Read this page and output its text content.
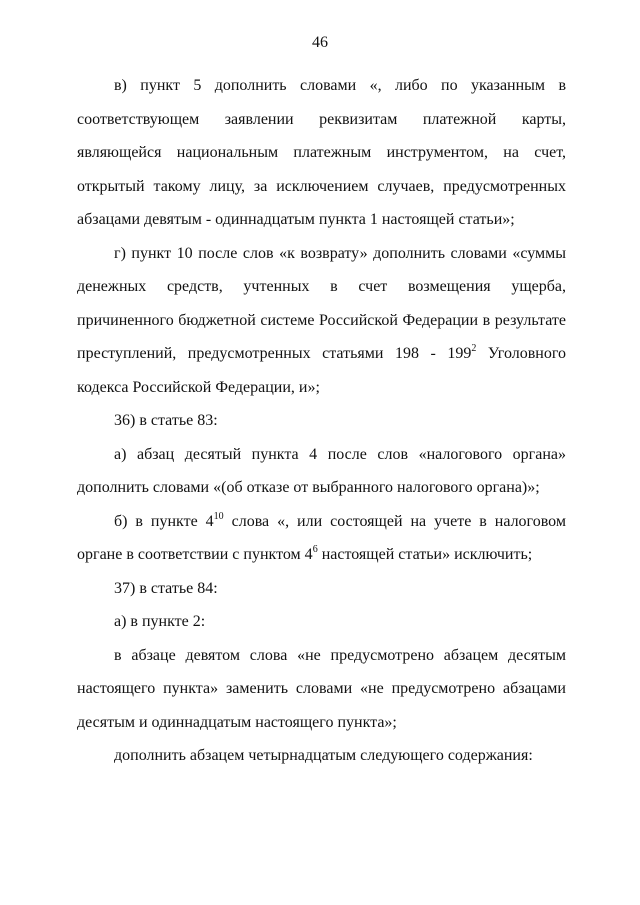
46

в) пункт 5 дополнить словами «, либо по указанным в соответствующем заявлении реквизитам платежной карты, являющейся национальным платежным инструментом, на счет, открытый такому лицу, за исключением случаев, предусмотренных абзацами девятым - одиннадцатым пункта 1 настоящей статьи»;

г) пункт 10 после слов «к возврату» дополнить словами «суммы денежных средств, учтенных в счет возмещения ущерба, причиненного бюджетной системе Российской Федерации в результате преступлений, предусмотренных статьями $198 - 199^2$ Уголовного кодекса Российской Федерации, и»;

36) в статье 83:

а) абзац десятый пункта 4 после слов «налогового органа» дополнить словами «(об отказе от выбранного налогового органа)»;

б) в пункте $4^{10}$ слова «, или состоящей на учете в налоговом органе в соответствии с пунктом $4^6$ настоящей статьи» исключить;

37) в статье 84:

а) в пункте 2:

в абзаце девятом слова «не предусмотрено абзацем десятым настоящего пункта» заменить словами «не предусмотрено абзацами десятым и одиннадцатым настоящего пункта»;

дополнить абзацем четырнадцатым следующего содержания:
